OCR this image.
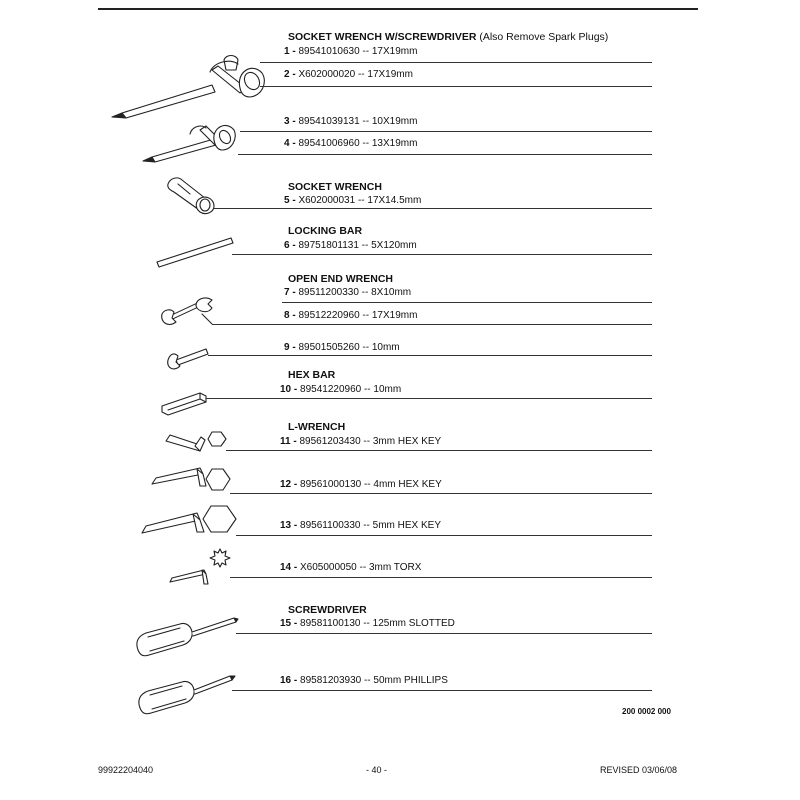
SOCKET WRENCH W/SCREWDRIVER (Also Remove Spark Plugs)
SOCKET WRENCH
LOCKING BAR
OPEN END WRENCH
HEX BAR
L-WRENCH
SCREWDRIVER
1 - 89541010630 -- 17X19mm
2 - X602000020 -- 17X19mm
3 - 89541039131 -- 10X19mm
4 - 89541006960 -- 13X19mm
5 - X602000031 -- 17X14.5mm
6 - 89751801131 -- 5X120mm
7 - 89511200330 -- 8X10mm
8 - 89512220960 -- 17X19mm
9 - 89501505260 -- 10mm
10 - 89541220960 -- 10mm
11 - 89561203430 -- 3mm HEX KEY
12 - 89561000130 -- 4mm HEX KEY
13 - 89561100330 -- 5mm HEX KEY
14 - X605000050 -- 3mm TORX
15 - 89581100130 -- 125mm SLOTTED
16 - 89581203930 -- 50mm PHILLIPS
200 0002 000
99922204040	- 40 -	REVISED 03/06/08
